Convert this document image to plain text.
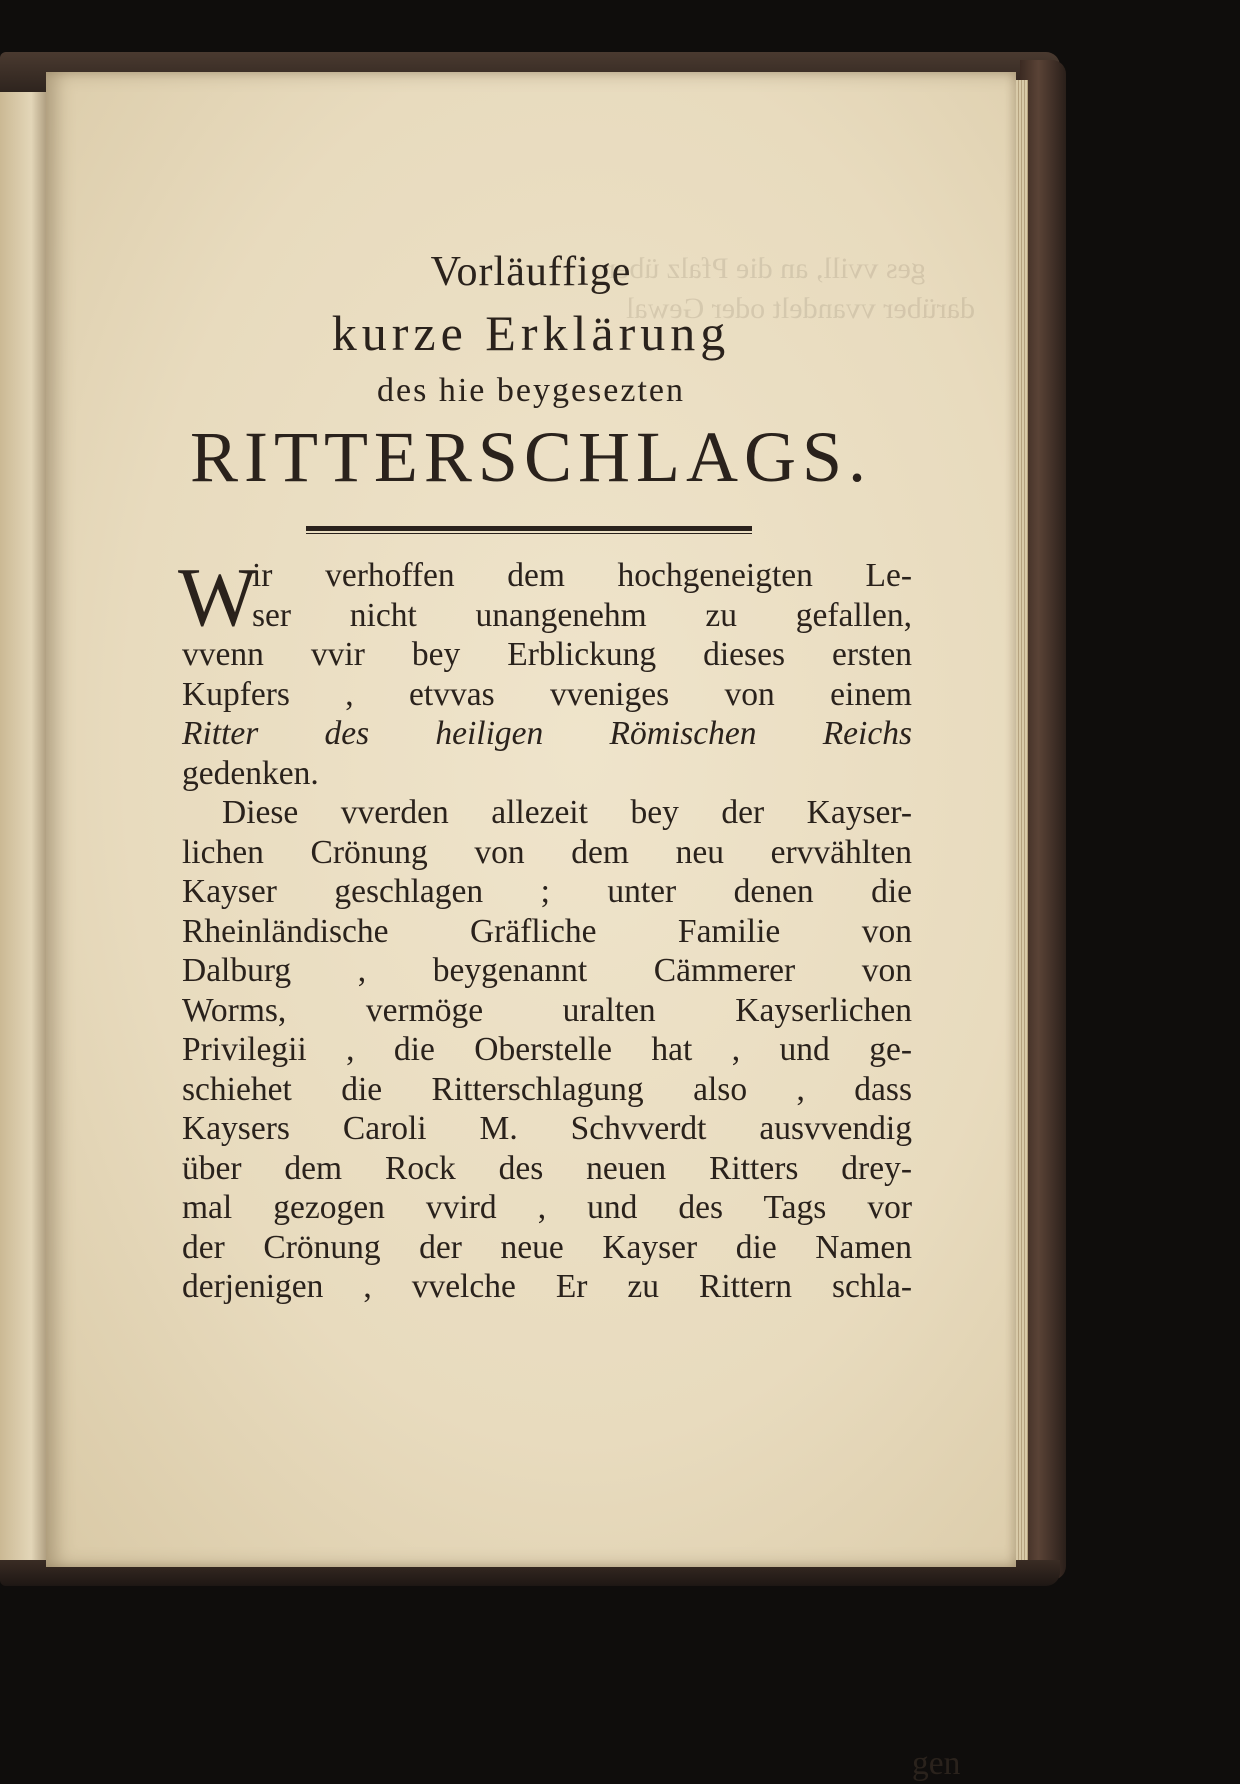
ges vvill, an die Pfalz über
darüber vvandelt oder Gewal
Vorläuffige
kurze Erklärung
des hie beygesezten
RITTERSCHLAGS.
W
ir verhoffen dem hochgeneigten Le-
ser nicht unangenehm zu gefallen,
vvenn vvir bey Erblickung dieses ersten
Kupfers , etvvas vveniges von einem
Ritter des heiligen Römischen Reichs
gedenken.
Diese vverden allezeit bey der Kayser-
lichen Crönung von dem neu ervvählten
Kayser geschlagen ; unter denen die
Rheinländische Gräfliche Familie von
Dalburg , beygenannt Cämmerer von
Worms, vermöge uralten Kayserlichen
Privilegii , die Oberstelle hat , und ge-
schiehet die Ritterschlagung also , dass
Kaysers Caroli M. Schvverdt ausvvendig
über dem Rock des neuen Ritters drey-
mal gezogen vvird , und des Tags vor
der Crönung der neue Kayser die Namen
derjenigen , vvelche Er zu Rittern schla-
gen
